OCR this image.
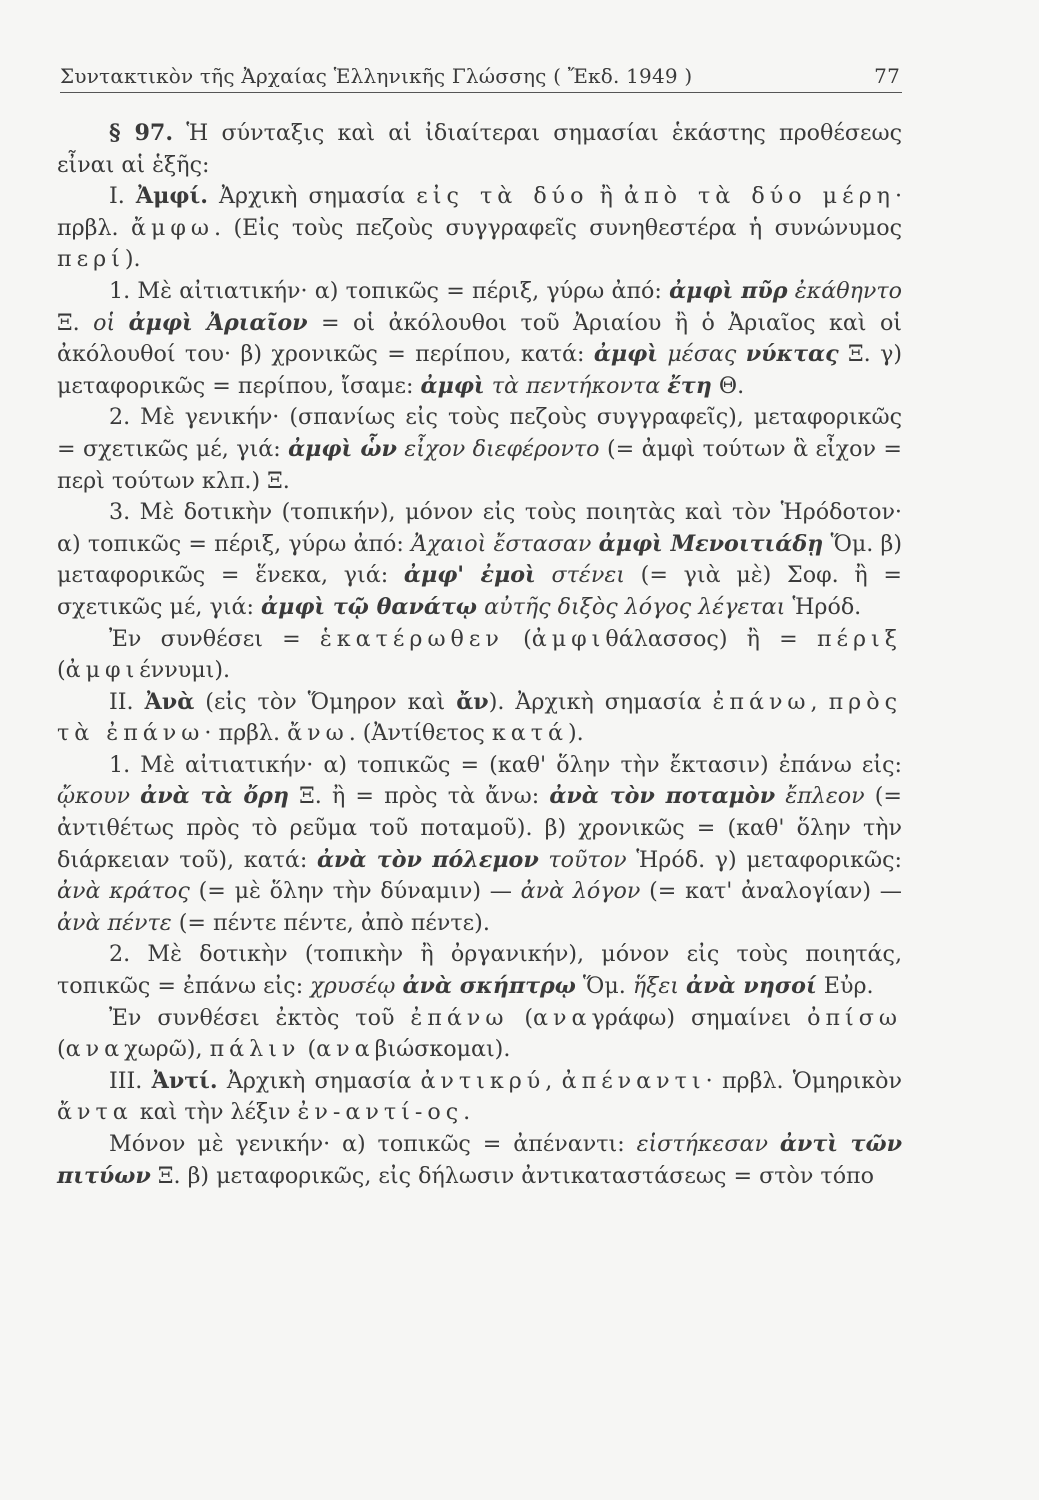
Συντακτικὸν τῆς Ἀρχαίας Ἑλληνικῆς Γλώσσης ( Ἔκδ. 1949 )	77

§ 97. Ἡ σύνταξις καὶ αἱ ἰδιαίτεραι σημασίαι ἑκάστης προθέσεως εἶναι αἱ ἑξῆς:

Ι. Ἀμφί. Ἀρχικὴ σημασία εἰς τὰ δύο ἢ ἀπὸ τὰ δύο μέρη· πρβλ. ἄμφω. (Εἰς τοὺς πεζοὺς συγγραφεῖς συνηθεστέρα ἡ συνώνυμος περί).

1. Μὲ αἰτιατικήν· α) τοπικῶς = πέριξ, γύρω ἀπό: ἀμφὶ πῦρ ἐκάθηντο Ξ. οἱ ἀμφὶ Ἀριαῖον = οἱ ἀκόλουθοι τοῦ Ἀριαίου ἢ ὁ Ἀριαῖος καὶ οἱ ἀκόλουθοί του· β) χρονικῶς = περίπου, κατά: ἀμφὶ μέσας νύκτας Ξ. γ) μεταφορικῶς = περίπου, ἴσαμε: ἀμφὶ τὰ πεντήκοντα ἔτη Θ.

2. Μὲ γενικήν· (σπανίως εἰς τοὺς πεζοὺς συγγραφεῖς), μεταφορικῶς = σχετικῶς μέ, γιά: ἀμφὶ ὧν εἶχον διεφέροντο (= ἀμφὶ τούτων ἃ εἶχον = περὶ τούτων κλπ.) Ξ.

3. Μὲ δοτικὴν (τοπικήν), μόνον εἰς τοὺς ποιητὰς καὶ τὸν Ἡρόδοτον· α) τοπικῶς = πέριξ, γύρω ἀπό: Ἀχαιοὶ ἔστασαν ἀμφὶ Μενοιτιάδῃ Ὅμ. β) μεταφορικῶς = ἕνεκα, γιά: ἀμφ' ἐμοὶ στένει (= γιὰ μὲ) Σοφ. ἢ = σχετικῶς μέ, γιά: ἀμφὶ τῷ θανάτῳ αὐτῆς διξὸς λόγος λέγεται Ἡρόδ.

Ἐν συνθέσει = ἑκατέρωθεν (ἀμφιθάλασσος) ἢ = πέριξ (ἀμφιέννυμι).

ΙΙ. Ἀνὰ (εἰς τὸν Ὅμηρον καὶ ἄν). Ἀρχικὴ σημασία ἐπάνω, πρὸς τὰ ἐπάνω· πρβλ. ἄνω. (Ἀντίθετος κατά).

1. Μὲ αἰτιατικήν· α) τοπικῶς = (καθ' ὅλην τὴν ἔκτασιν) ἐπάνω εἰς: ᾤκουν ἀνὰ τὰ ὄρη Ξ. ἢ = πρὸς τὰ ἄνω: ἀνὰ τὸν ποταμὸν ἔπλεον (= ἀντιθέτως πρὸς τὸ ρεῦμα τοῦ ποταμοῦ). β) χρονικῶς = (καθ' ὅλην τὴν διάρκειαν τοῦ), κατά: ἀνὰ τὸν πόλεμον τοῦτον Ἡρόδ. γ) μεταφορικῶς: ἀνὰ κράτος (= μὲ ὅλην τὴν δύναμιν) — ἀνὰ λόγον (= κατ' ἀναλογίαν) — ἀνὰ πέντε (= πέντε πέντε, ἀπὸ πέντε).

2. Μὲ δοτικὴν (τοπικὴν ἢ ὀργανικήν), μόνον εἰς τοὺς ποιητάς, τοπικῶς = ἐπάνω εἰς: χρυσέῳ ἀνὰ σκήπτρῳ Ὅμ. ἥξει ἀνὰ νησοί Εὐρ.

Ἐν συνθέσει ἐκτὸς τοῦ ἐπάνω (αναγράφω) σημαίνει ὀπίσω (αναχωρῶ), πάλιν (αναβιώσκομαι).

ΙΙΙ. Ἀντί. Ἀρχικὴ σημασία ἀντικρύ, ἀπέναντι· πρβλ. Ὁμηρικὸν ἄντα καὶ τὴν λέξιν ἐν-αντί-ος.

Μόνον μὲ γενικήν· α) τοπικῶς = ἀπέναντι: εἱστήκεσαν ἀντὶ τῶν πιτύων Ξ. β) μεταφορικῶς, εἰς δήλωσιν ἀντικαταστάσεως = στὸν τόπο
